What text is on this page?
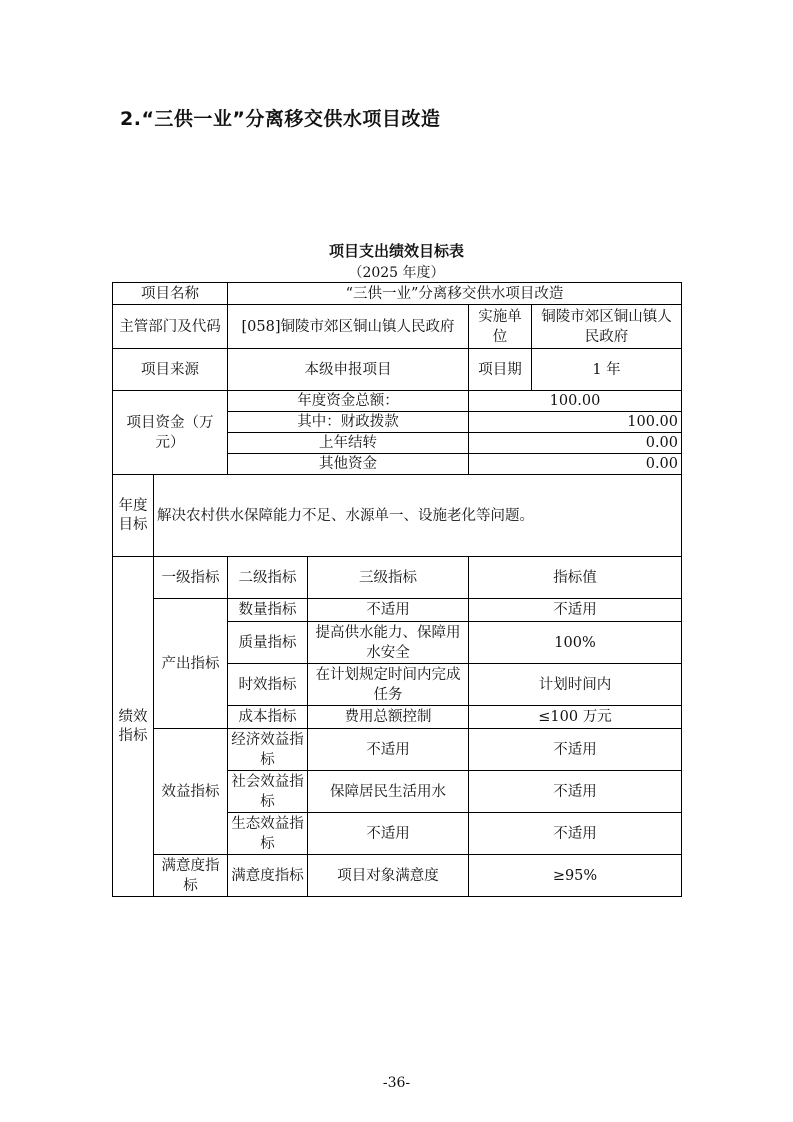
2.“三供一业”分离移交供水项目改造
项目支出绩效目标表
（2025 年度）
项目名称		“三供一业”分离移交供水项目改造			
主管部门及代码		[058]铜陵市郊区铜山镇人民政府		实施单位	铜陵市郊区铜山镇人民政府
项目来源		本级申报项目		项目期	1 年
项目资金（万元）		年度资金总额：		100.00	
		其中：财政拨款		100.00	
		上年结转		0.00	
		其他资金		0.00	
年度目标	解决农村供水保障能力不足、水源单一、设施老化等问题。				
绩效指标	一级指标	二级指标	三级指标	指标值	
	产出指标	数量指标	不适用	不适用	
		质量指标	提高供水能力、保障用水安全	100%	
		时效指标	在计划规定时间内完成任务	计划时间内	
		成本指标	费用总额控制	≤100 万元	
	效益指标	经济效益指标	不适用	不适用	
		社会效益指标	保障居民生活用水	不适用	
		生态效益指标	不适用	不适用	
	满意度指标	满意度指标	项目对象满意度	≥95%	
-36-
